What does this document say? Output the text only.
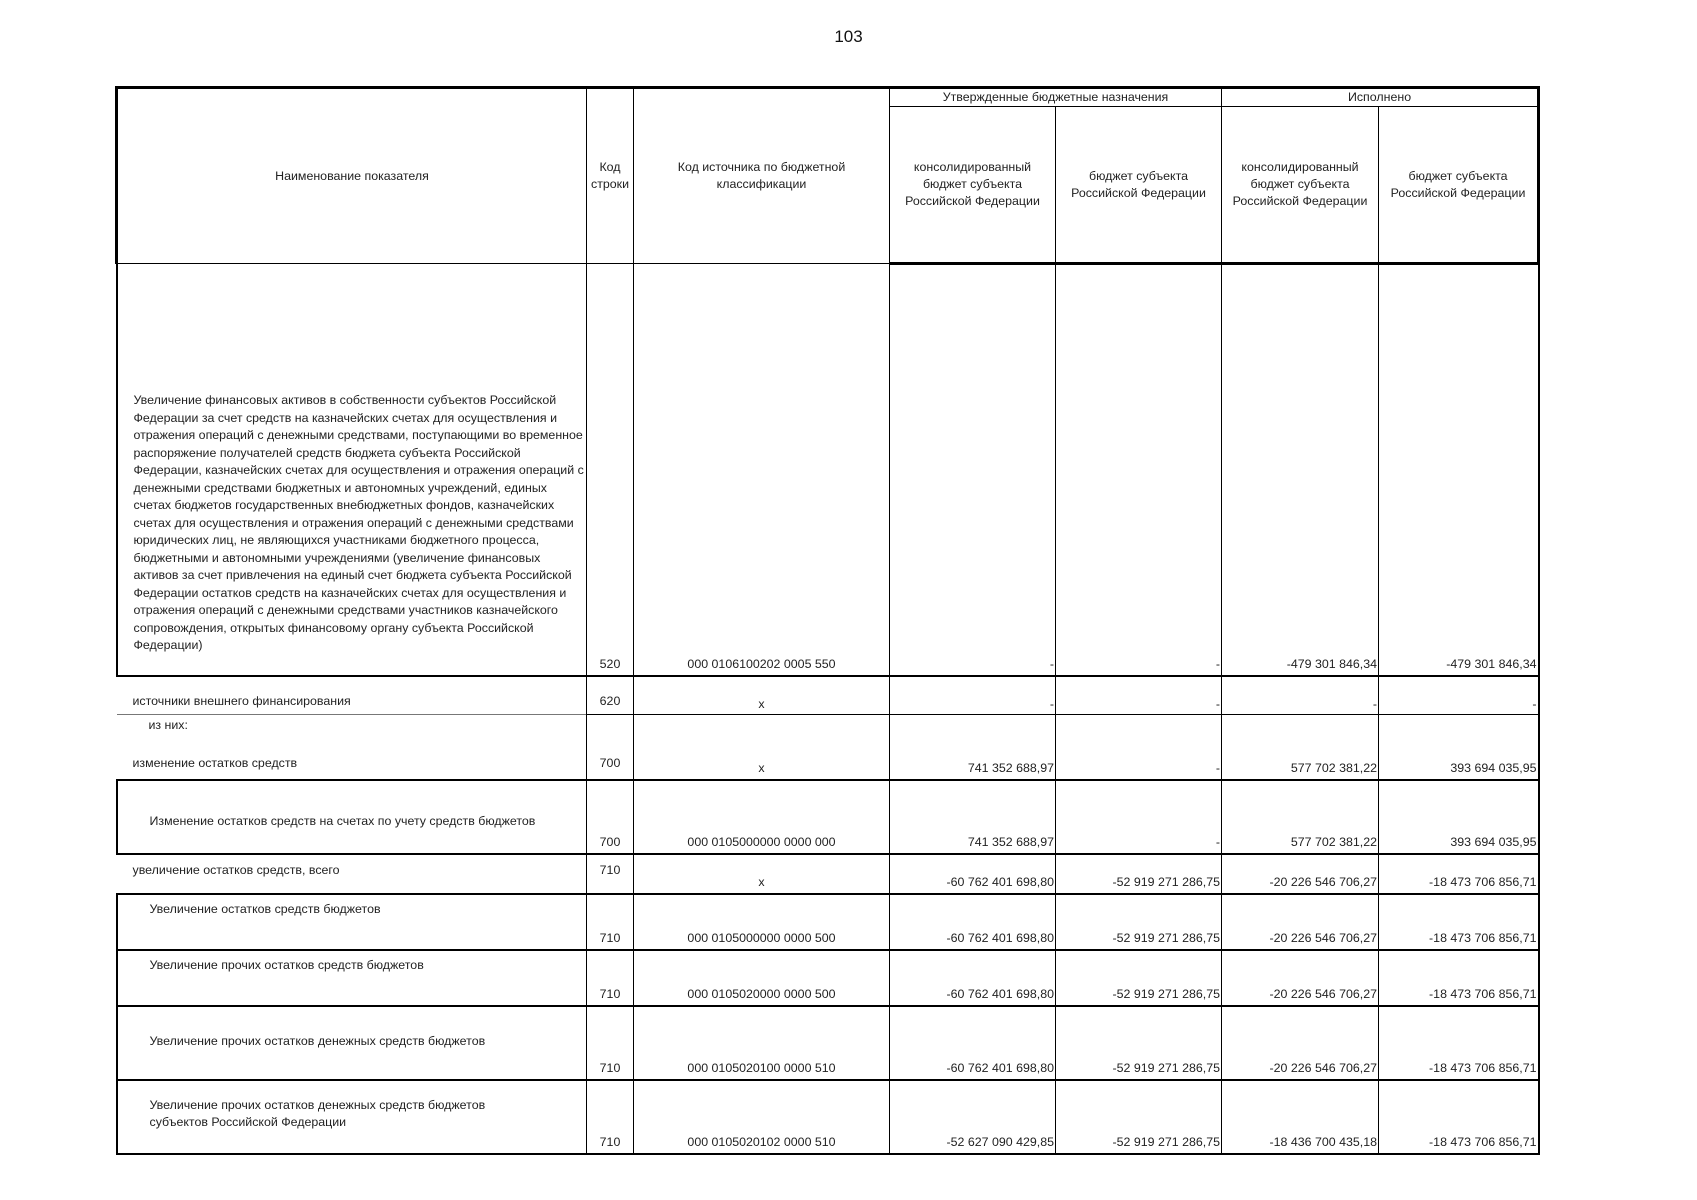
103
Наименование показателя	Код строки	Код источника по бюджетной классификации	Утвержденные бюджетные назначения		Исполнено	
			консолидированный бюджет субъекта Российской Федерации	бюджет субъекта Российской Федерации	консолидированный бюджет субъекта Российской Федерации	бюджет субъекта Российской Федерации
Увеличение финансовых активов в собственности субъектов Российской Федерации за счет средств на казначейских счетах для осуществления и отражения операций с денежными средствами, поступающими во временное распоряжение получателей средств бюджета субъекта Российской Федерации, казначейских счетах для осуществления и отражения операций с денежными средствами бюджетных и автономных учреждений, единых счетах бюджетов государственных внебюджетных фондов, казначейских счетах для осуществления и отражения операций с денежными средствами юридических лиц, не являющихся участниками бюджетного процесса, бюджетными и автономными учреждениями (увеличение финансовых активов за счет привлечения на единый счет бюджета субъекта Российской Федерации остатков средств на казначейских счетах для осуществления и отражения операций с денежными средствами участников казначейского сопровождения, открытых финансовому органу субъекта Российской Федерации)	520	000 0106100202 0005 550	-	-	-479 301 846,34	-479 301 846,34
источники внешнего финансирования	620	x	-	-	-	-

из них:
изменение остатков средств	700	x	741 352 688,97	-	577 702 381,22	393 694 035,95
Изменение остатков средств на счетах по учету средств бюджетов	700	000 0105000000 0000 000	741 352 688,97	-	577 702 381,22	393 694 035,95
увеличение остатков средств, всего	710	x	-60 762 401 698,80	-52 919 271 286,75	-20 226 546 706,27	-18 473 706 856,71
Увеличение остатков средств бюджетов	710	000 0105000000 0000 500	-60 762 401 698,80	-52 919 271 286,75	-20 226 546 706,27	-18 473 706 856,71
Увеличение прочих остатков средств бюджетов	710	000 0105020000 0000 500	-60 762 401 698,80	-52 919 271 286,75	-20 226 546 706,27	-18 473 706 856,71
Увеличение прочих остатков денежных средств бюджетов	710	000 0105020100 0000 510	-60 762 401 698,80	-52 919 271 286,75	-20 226 546 706,27	-18 473 706 856,71
Увеличение прочих остатков денежных средств бюджетов субъектов Российской Федерации	710	000 0105020102 0000 510	-52 627 090 429,85	-52 919 271 286,75	-18 436 700 435,18	-18 473 706 856,71
